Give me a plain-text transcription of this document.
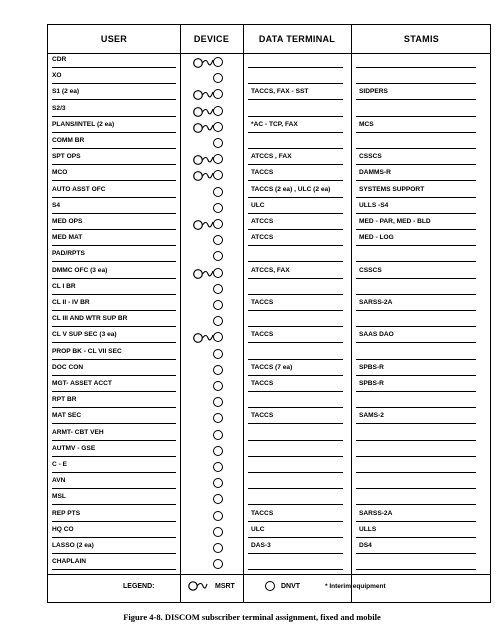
USER	DEVICE	DATA TERMINAL	STAMIS
CDR
XO
S1 (2 ea)	TACCS, FAX - SST	SIDPERS
S2/3
PLANS/INTEL (2 ea)	*AC - TCP, FAX	MCS
COMM BR
SPT OPS	ATCCS , FAX	CSSCS
MCO	TACCS	DAMMS-R
AUTO ASST OFC	TACCS (2 ea) , ULC (2 ea)	SYSTEMS SUPPORT
S4	ULC	ULLS -S4
MED OPS	ATCCS	MED - PAR, MED - BLD
MED MAT	ATCCS	MED - LOG
PAD/RPTS
DMMC OFC (3 ea)	ATCCS, FAX	CSSCS
CL I BR
CL II - IV BR	TACCS	SARSS-2A
CL III AND WTR SUP BR
CL V SUP SEC (3 ea)	TACCS	SAAS DAO
PROP BK - CL VII SEC
DOC CON	TACCS (7 ea)	SPBS-R
MGT- ASSET ACCT	TACCS	SPBS-R
RPT BR
MAT SEC	TACCS	SAMS-2
ARMT- CBT VEH
AUTMV - GSE
C - E
AVN
MSL
REP PTS	TACCS	SARSS-2A
HQ CO	ULC	ULLS
LASSO (2 ea)	DAS-3	DS4
CHAPLAIN
LEGEND:	MSRT	DNVT	* Interim equipment
Figure 4-8. DISCOM subscriber terminal assignment, fixed and mobile
